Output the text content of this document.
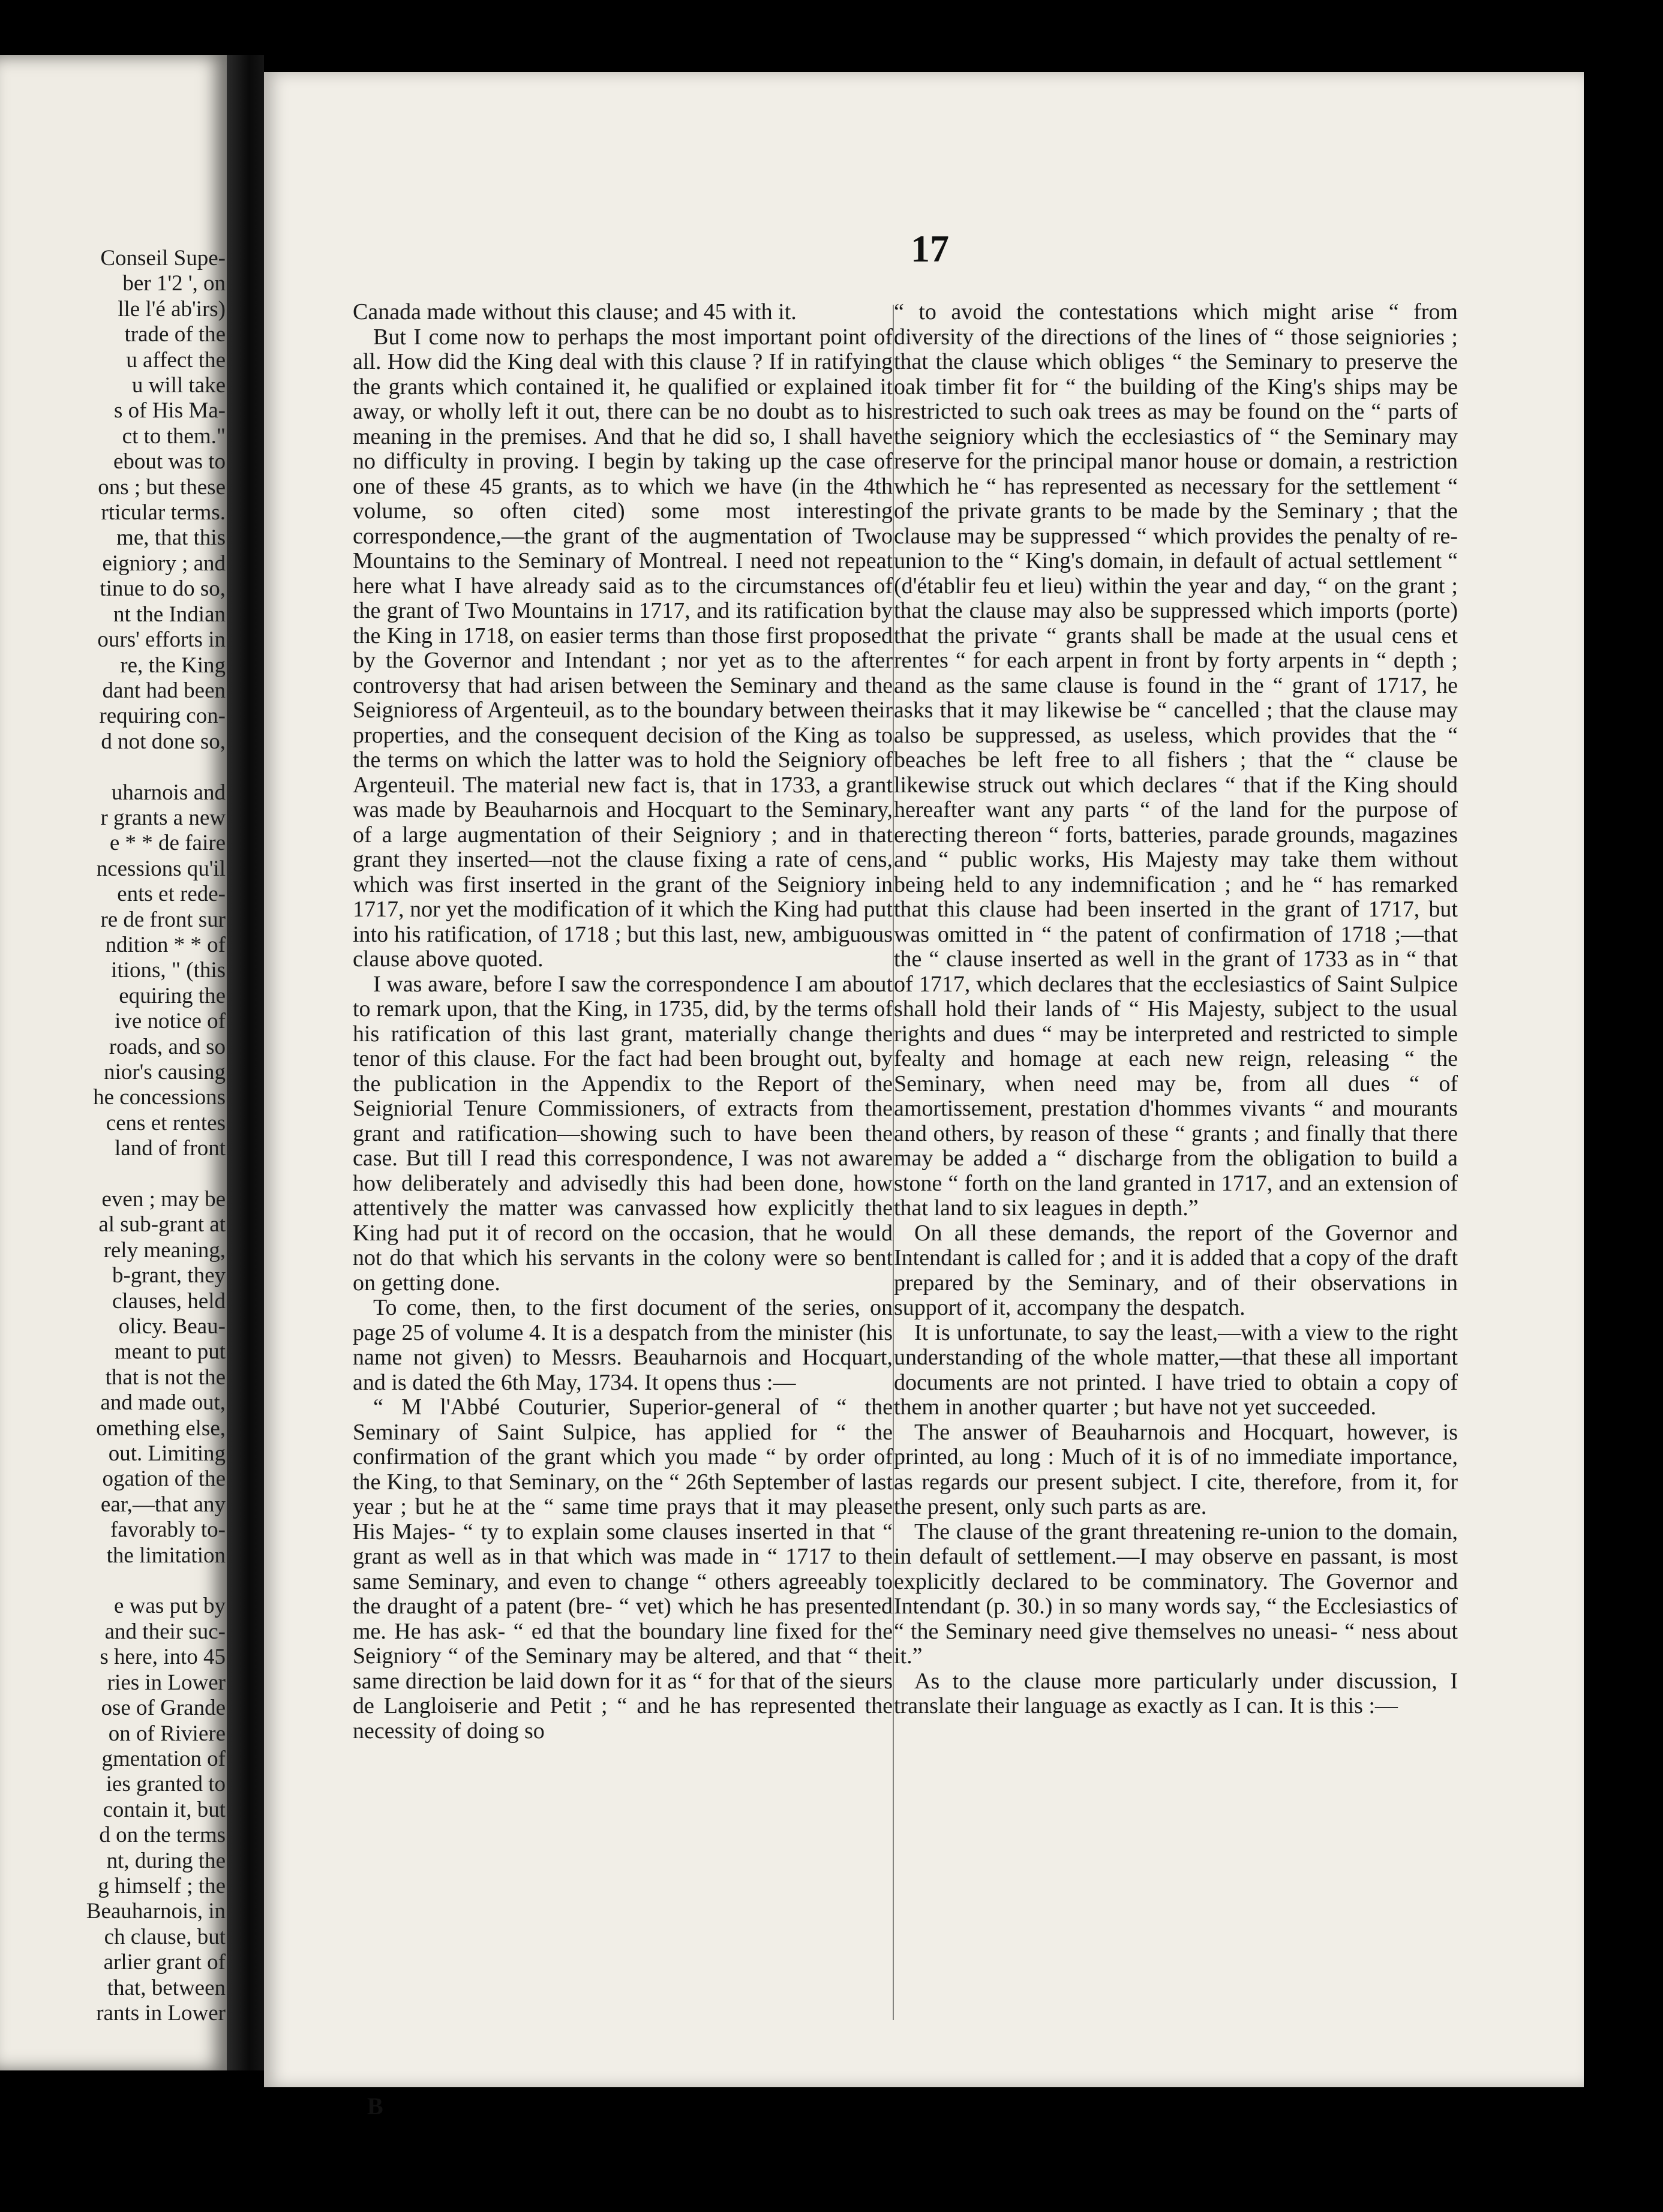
Conseil Supe-
ber 1'2 ', on
lle l'é ab'irs)
trade of the
u affect the
u will take
s of His Ma-
ct to them."
ebout was to
ons ; but these
rticular terms.
me, that this
eigniory ; and
tinue to do so,
nt the Indian
ours' efforts in
re, the King
dant had been
requiring con-
d not done so,
uharnois and
r grants a new
e * * de faire
ncessions qu'il
ents et rede-
re de front sur
ndition * * of
itions, " (this
equiring the
ive notice of
roads, and so
nior's causing
he concessions
cens et rentes
land of front
even ; may be
al sub-grant at
rely meaning,
b-grant, they
clauses, held
olicy. Beau-
meant to put
that is not the
and made out,
omething else,
out. Limiting
ogation of the
ear,—that any
favorably to-
the limitation
e was put by
and their suc-
s here, into 45
ries in Lower
ose of Grande
on of Riviere
gmentation of
ies granted to
contain it, but
d on the terms
nt, during the
g himself ; the
Beauharnois, in
ch clause, but
arlier grant of
that, between
rants in Lower
17

Canada made without this clause; and 45 with it.

But I come now to perhaps the most important point of all. How did the King deal with this clause ? If in ratifying the grants which contained it, he qualified or explained it away, or wholly left it out, there can be no doubt as to his meaning in the premises. And that he did so, I shall have no difficulty in proving. I begin by taking up the case of one of these 45 grants, as to which we have (in the 4th volume, so often cited) some most interesting correspondence,—the grant of the augmentation of Two Mountains to the Seminary of Montreal. I need not repeat here what I have already said as to the circumstances of the grant of Two Mountains in 1717, and its ratification by the King in 1718, on easier terms than those first proposed by the Governor and Intendant ; nor yet as to the after controversy that had arisen between the Seminary and the Seignioress of Argenteuil, as to the boundary between their properties, and the consequent decision of the King as to the terms on which the latter was to hold the Seigniory of Argenteuil. The material new fact is, that in 1733, a grant was made by Beauharnois and Hocquart to the Seminary, of a large augmentation of their Seigniory ; and in that grant they inserted—not the clause fixing a rate of cens, which was first inserted in the grant of the Seigniory in 1717, nor yet the modification of it which the King had put into his ratification, of 1718 ; but this last, new, ambiguous clause above quoted.

I was aware, before I saw the correspondence I am about to remark upon, that the King, in 1735, did, by the terms of his ratification of this last grant, materially change the tenor of this clause. For the fact had been brought out, by the publication in the Appendix to the Report of the Seigniorial Tenure Commissioners, of extracts from the grant and ratification—showing such to have been the case. But till I read this correspondence, I was not aware how deliberately and advisedly this had been done, how attentively the matter was canvassed how explicitly the King had put it of record on the occasion, that he would not do that which his servants in the colony were so bent on getting done.

To come, then, to the first document of the series, on page 25 of volume 4. It is a despatch from the minister (his name not given) to Messrs. Beauharnois and Hocquart, and is dated the 6th May, 1734. It opens thus :—

“ M l'Abbé Couturier, Superior-general of “ the Seminary of Saint Sulpice, has applied for “ the confirmation of the grant which you made “ by order of the King, to that Seminary, on the “ 26th September of last year ; but he at the “ same time prays that it may please His Majes- “ ty to explain some clauses inserted in that “ grant as well as in that which was made in “ 1717 to the same Seminary, and even to change “ others agreeably to the draught of a patent (bre- “ vet) which he has presented me. He has ask- “ ed that the boundary line fixed for the Seigniory “ of the Seminary may be altered, and that “ the same direction be laid down for it as “ for that of the sieurs de Langloiserie and Petit ; “ and he has represented the necessity of doing so

“ to avoid the contestations which might arise “ from diversity of the directions of the lines of “ those seigniories ; that the clause which obliges “ the Seminary to preserve the oak timber fit for “ the building of the King's ships may be restricted to such oak trees as may be found on the “ parts of the seigniory which the ecclesiastics of “ the Seminary may reserve for the principal manor house or domain, a restriction which he “ has represented as necessary for the settlement “ of the private grants to be made by the Seminary ; that the clause may be suppressed “ which provides the penalty of re-union to the “ King's domain, in default of actual settlement “ (d'établir feu et lieu) within the year and day, “ on the grant ; that the clause may also be suppressed which imports (porte) that the private “ grants shall be made at the usual cens et rentes “ for each arpent in front by forty arpents in “ depth ; and as the same clause is found in the “ grant of 1717, he asks that it may likewise be “ cancelled ; that the clause may also be suppressed, as useless, which provides that the “ beaches be left free to all fishers ; that the “ clause be likewise struck out which declares “ that if the King should hereafter want any parts “ of the land for the purpose of erecting thereon “ forts, batteries, parade grounds, magazines and “ public works, His Majesty may take them without being held to any indemnification ; and he “ has remarked that this clause had been inserted in the grant of 1717, but was omitted in “ the patent of confirmation of 1718 ;—that the “ clause inserted as well in the grant of 1733 as in “ that of 1717, which declares that the ecclesiastics of Saint Sulpice shall hold their lands of “ His Majesty, subject to the usual rights and dues “ may be interpreted and restricted to simple fealty and homage at each new reign, releasing “ the Seminary, when need may be, from all dues “ of amortissement, prestation d'hommes vivants “ and mourants and others, by reason of these “ grants ; and finally that there may be added a “ discharge from the obligation to build a stone “ forth on the land granted in 1717, and an extension of that land to six leagues in depth.”

On all these demands, the report of the Governor and Intendant is called for ; and it is added that a copy of the draft prepared by the Seminary, and of their observations in support of it, accompany the despatch.

It is unfortunate, to say the least,—with a view to the right understanding of the whole matter,—that these all important documents are not printed. I have tried to obtain a copy of them in another quarter ; but have not yet succeeded.

The answer of Beauharnois and Hocquart, however, is printed, au long : Much of it is of no immediate importance, as regards our present subject. I cite, therefore, from it, for the present, only such parts as are.

The clause of the grant threatening re-union to the domain, in default of settlement.—I may observe en passant, is most explicitly declared to be comminatory. The Governor and Intendant (p. 30.) in so many words say, “ the Ecclesiastics of “ the Seminary need give themselves no uneasi- “ ness about it.”

As to the clause more particularly under discussion, I translate their language as exactly as I can. It is this :—

B
